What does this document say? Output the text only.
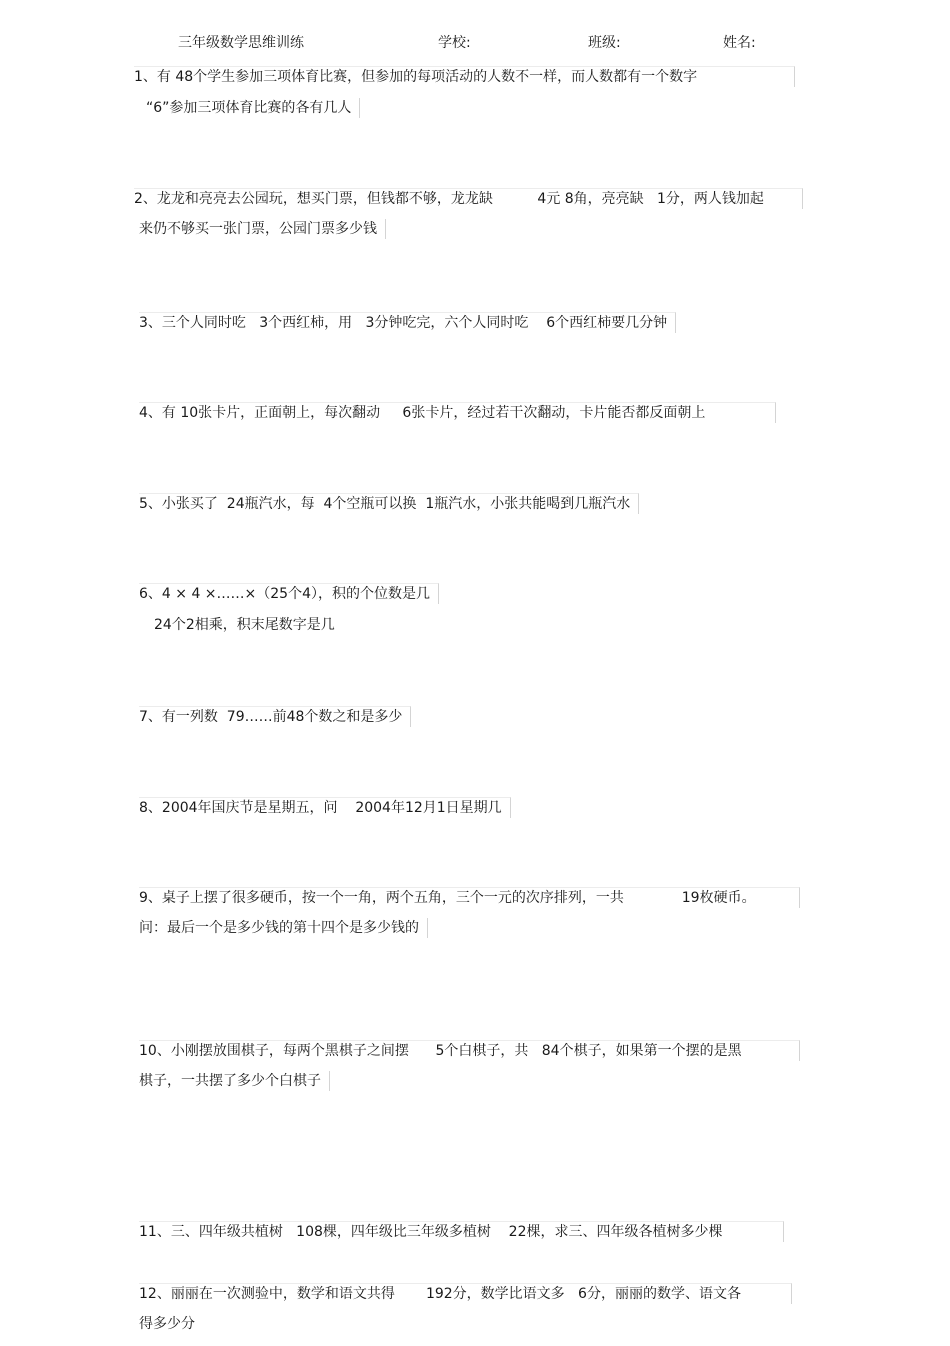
三年级数学思维训练	学校:	班级:	姓名:
1、有 48个学生参加三项体育比赛，但参加的每项活动的人数不一样，而人数都有一个数字
“6”参加三项体育比赛的各有几人
2、龙龙和亮亮去公园玩，想买门票，但钱都不够，龙龙缺          4元 8角，亮亮缺   1分，两人钱加起
来仍不够买一张门票，公园门票多少钱
3、三个人同时吃   3个西红柿，用   3分钟吃完，六个人同时吃    6个西红柿要几分钟
4、有 10张卡片，正面朝上，每次翻动     6张卡片，经过若干次翻动，卡片能否都反面朝上
5、小张买了  24瓶汽水，每  4个空瓶可以换  1瓶汽水，小张共能喝到几瓶汽水
6、4 × 4 ×……×（25个4），积的个位数是几
24个2相乘，积末尾数字是几
7、有一列数  79……前48个数之和是多少
8、2004年国庆节是星期五，问    2004年12月1日星期几
9、桌子上摆了很多硬币，按一个一角，两个五角，三个一元的次序排列，一共             19枚硬币。
问：最后一个是多少钱的第十四个是多少钱的
10、小刚摆放围棋子，每两个黑棋子之间摆      5个白棋子，共   84个棋子，如果第一个摆的是黑
棋子，一共摆了多少个白棋子
11、三、四年级共植树   108棵，四年级比三年级多植树    22棵，求三、四年级各植树多少棵
12、丽丽在一次测验中，数学和语文共得       192分，数学比语文多   6分，丽丽的数学、语文各
得多少分
